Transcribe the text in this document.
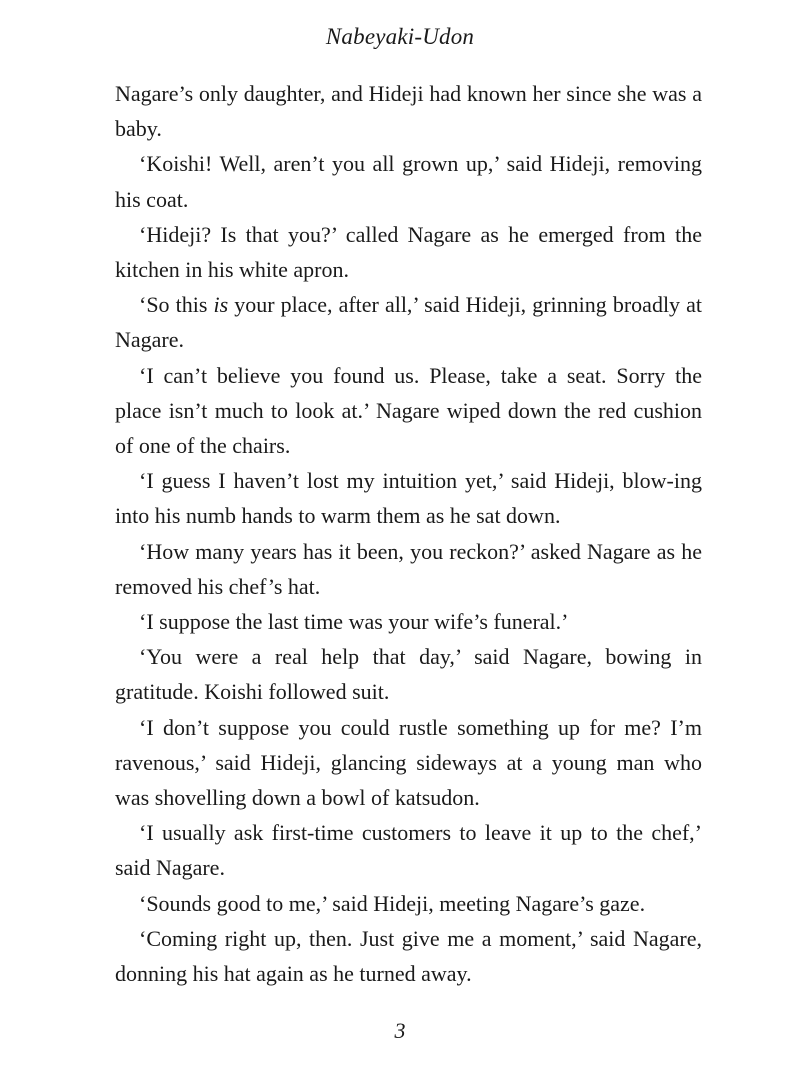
Nabeyaki-Udon

Nagare’s only daughter, and Hideji had known her since she was a baby.

‘Koishi! Well, aren’t you all grown up,’ said Hideji, removing his coat.

‘Hideji? Is that you?’ called Nagare as he emerged from the kitchen in his white apron.

‘So this is your place, after all,’ said Hideji, grinning broadly at Nagare.

‘I can’t believe you found us. Please, take a seat. Sorry the place isn’t much to look at.’ Nagare wiped down the red cushion of one of the chairs.

‘I guess I haven’t lost my intuition yet,’ said Hideji, blow-ing into his numb hands to warm them as he sat down.

‘How many years has it been, you reckon?’ asked Nagare as he removed his chef’s hat.

‘I suppose the last time was your wife’s funeral.’

‘You were a real help that day,’ said Nagare, bowing in gratitude. Koishi followed suit.

‘I don’t suppose you could rustle something up for me? I’m ravenous,’ said Hideji, glancing sideways at a young man who was shovelling down a bowl of katsudon.

‘I usually ask first-time customers to leave it up to the chef,’ said Nagare.

‘Sounds good to me,’ said Hideji, meeting Nagare’s gaze.

‘Coming right up, then. Just give me a moment,’ said Nagare, donning his hat again as he turned away.

3
